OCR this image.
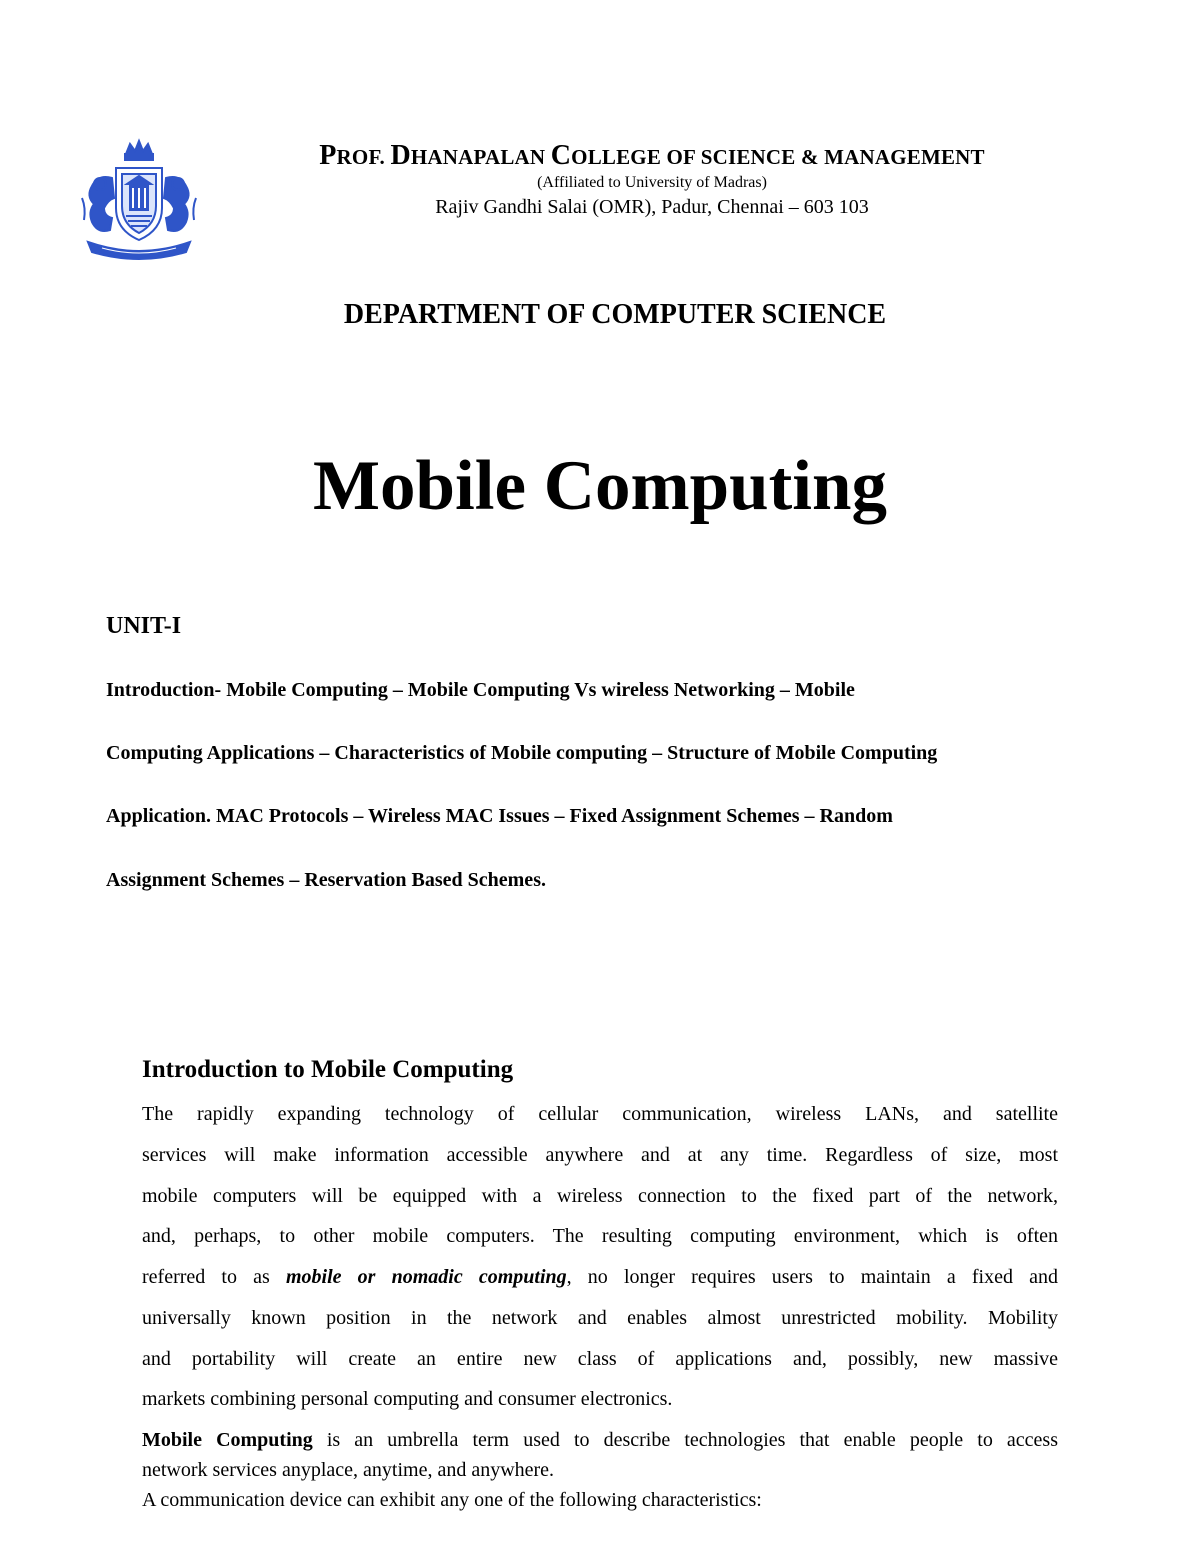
PROF. DHANAPALAN COLLEGE OF SCIENCE & MANAGEMENT
(Affiliated to University of Madras)
Rajiv Gandhi Salai (OMR), Padur, Chennai – 603 103
DEPARTMENT OF COMPUTER SCIENCE
Mobile Computing
UNIT-I
Introduction- Mobile Computing – Mobile Computing Vs wireless Networking – Mobile
Computing Applications – Characteristics of Mobile computing – Structure of Mobile Computing
Application. MAC Protocols – Wireless MAC Issues – Fixed Assignment Schemes – Random
Assignment Schemes – Reservation Based Schemes.
Introduction to Mobile Computing
The rapidly expanding technology of cellular communication, wireless LANs, and satellite
services will make information accessible anywhere and at any time. Regardless of size, most
mobile computers will be equipped with a wireless connection to the fixed part of the network,
and, perhaps, to other mobile computers. The resulting computing environment, which is often
referred to as mobile or nomadic computing, no longer requires users to maintain a fixed and
universally known position in the network and enables almost unrestricted mobility. Mobility
and portability will create an entire new class of applications and, possibly, new massive
markets combining personal computing and consumer electronics.
Mobile Computing is an umbrella term used to describe technologies that enable people to access
network services anyplace, anytime, and anywhere.
A communication device can exhibit any one of the following characteristics:
